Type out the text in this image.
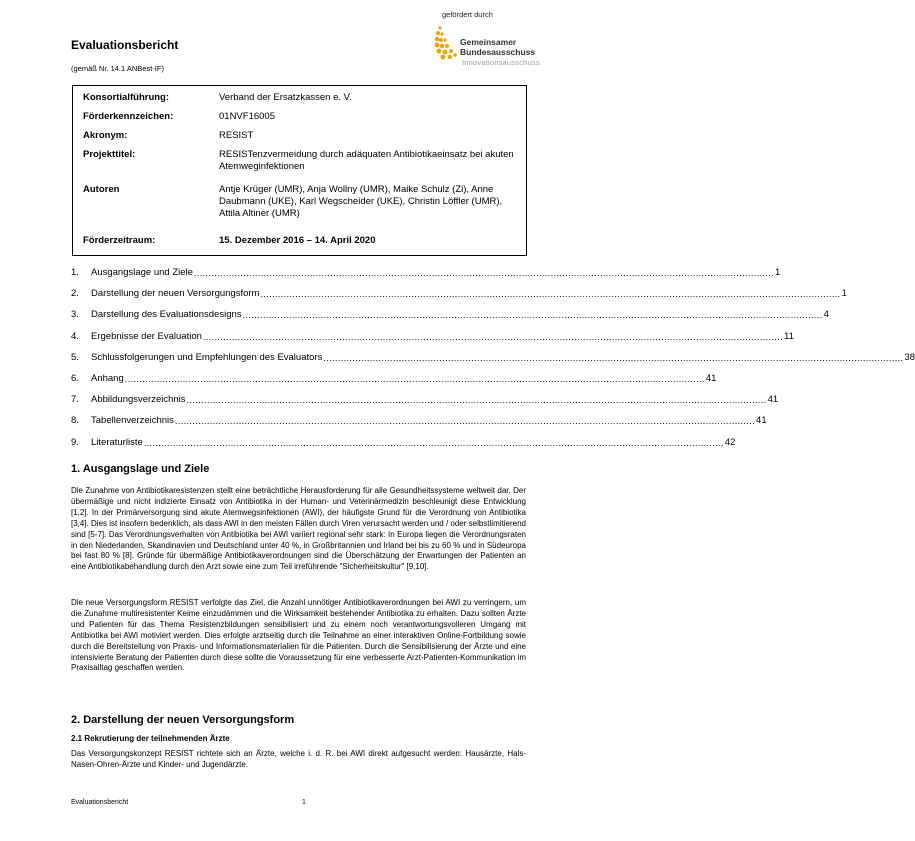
gefördert durch
Gemeinsamer
Bundesausschuss
Innovationsausschuss
Evaluationsbericht
(gemäß Nr. 14.1 ANBest-IF)
Konsortialführung:	Verband der Ersatzkassen e. V.
Förderkennzeichen:	01NVF16005
Akronym:	RESIST
Projekttitel:	RESISTenzvermeidung durch adäquaten Antibiotikaeinsatz bei akuten Atemweginfektionen
Autoren	Antje Krüger (UMR), Anja Wollny (UMR), Maike Schulz (Zi), Anne Daubmann (UKE), Karl Wegscheider (UKE), Christin Löffler (UMR), Attila Altiner (UMR)
Förderzeitraum:	15. Dezember 2016 – 14. April 2020
1.	Ausgangslage und Ziele ........................................................................................................................................................................................................ 1
2.	Darstellung der neuen Versorgungsform ........................................................................................................................................................................................................ 1
3.	Darstellung des Evaluationsdesigns ........................................................................................................................................................................................................ 4
4.	Ergebnisse der Evaluation ........................................................................................................................................................................................................ 11
5.	Schlussfolgerungen und Empfehlungen des Evaluators ........................................................................................................................................................................................................ 38
6.	Anhang ........................................................................................................................................................................................................ 41
7.	Abbildungsverzeichnis ........................................................................................................................................................................................................ 41
8.	Tabellenverzeichnis ........................................................................................................................................................................................................ 41
9.	Literaturliste ........................................................................................................................................................................................................ 42
1. Ausgangslage und Ziele
Die Zunahme von Antibiotikaresistenzen stellt eine beträchtliche Herausforderung für alle Gesundheitssysteme weltweit dar. Der übermäßige und nicht indizierte Einsatz von Antibiotika in der Human- und Veterinärmedizin beschleunigt diese Entwicklung [1,2]. In der Primärversorgung sind akute Atemwegsinfektionen (AWI), der häufigste Grund für die Verordnung von Antibiotika [3,4]. Dies ist insofern bedenklich, als dass AWI in den meisten Fällen durch Viren verursacht werden und / oder selbstlimitierend sind [5-7]. Das Verordnungsverhalten von Antibiotika bei AWI variiert regional sehr stark: In Europa liegen die Verordnungsraten in den Niederlanden, Skandinavien und Deutschland unter 40 %, in Großbritannien und Irland bei bis zu 60 % und in Südeuropa bei fast 80 % [8]. Gründe für übermäßige Antibiotikaverordnungen sind die Überschätzung der Erwartungen der Patienten an eine Antibiotikabehandlung durch den Arzt sowie eine zum Teil irreführende "Sicherheitskultur" [9,10].
Die neue Versorgungsform RESIST verfolgte das Ziel, die Anzahl unnötiger Antibiotikaverordnungen bei AWI zu verringern, um die Zunahme multiresistenter Keime einzudämmen und die Wirksamkeit bestehender Antibiotika zu erhalten. Dazu sollten Ärzte und Patienten für das Thema Resistenzbildungen sensibilisiert und zu einem noch verantwortungsvolleren Umgang mit Antibiotika bei AWI motiviert werden. Dies erfolgte arztseitig durch die Teilnahme an einer interaktiven Online-Fortbildung sowie durch die Bereitstellung von Praxis- und Informationsmaterialien für die Patienten. Durch die Sensibilisierung der Ärzte und eine intensivierte Beratung der Patienten durch diese sollte die Voraussetzung für eine verbesserte Arzt-Patienten-Kommunikation im Praxisalltag geschaffen werden.
2. Darstellung der neuen Versorgungsform
2.1 Rekrutierung der teilnehmenden Ärzte
Das Versorgungskonzept RESIST richtete sich an Ärzte, welche i. d. R. bei AWI direkt aufgesucht werden: Hausärzte, Hals-Nasen-Ohren-Ärzte und Kinder- und Jugendärzte.
Evaluationsbericht	1
